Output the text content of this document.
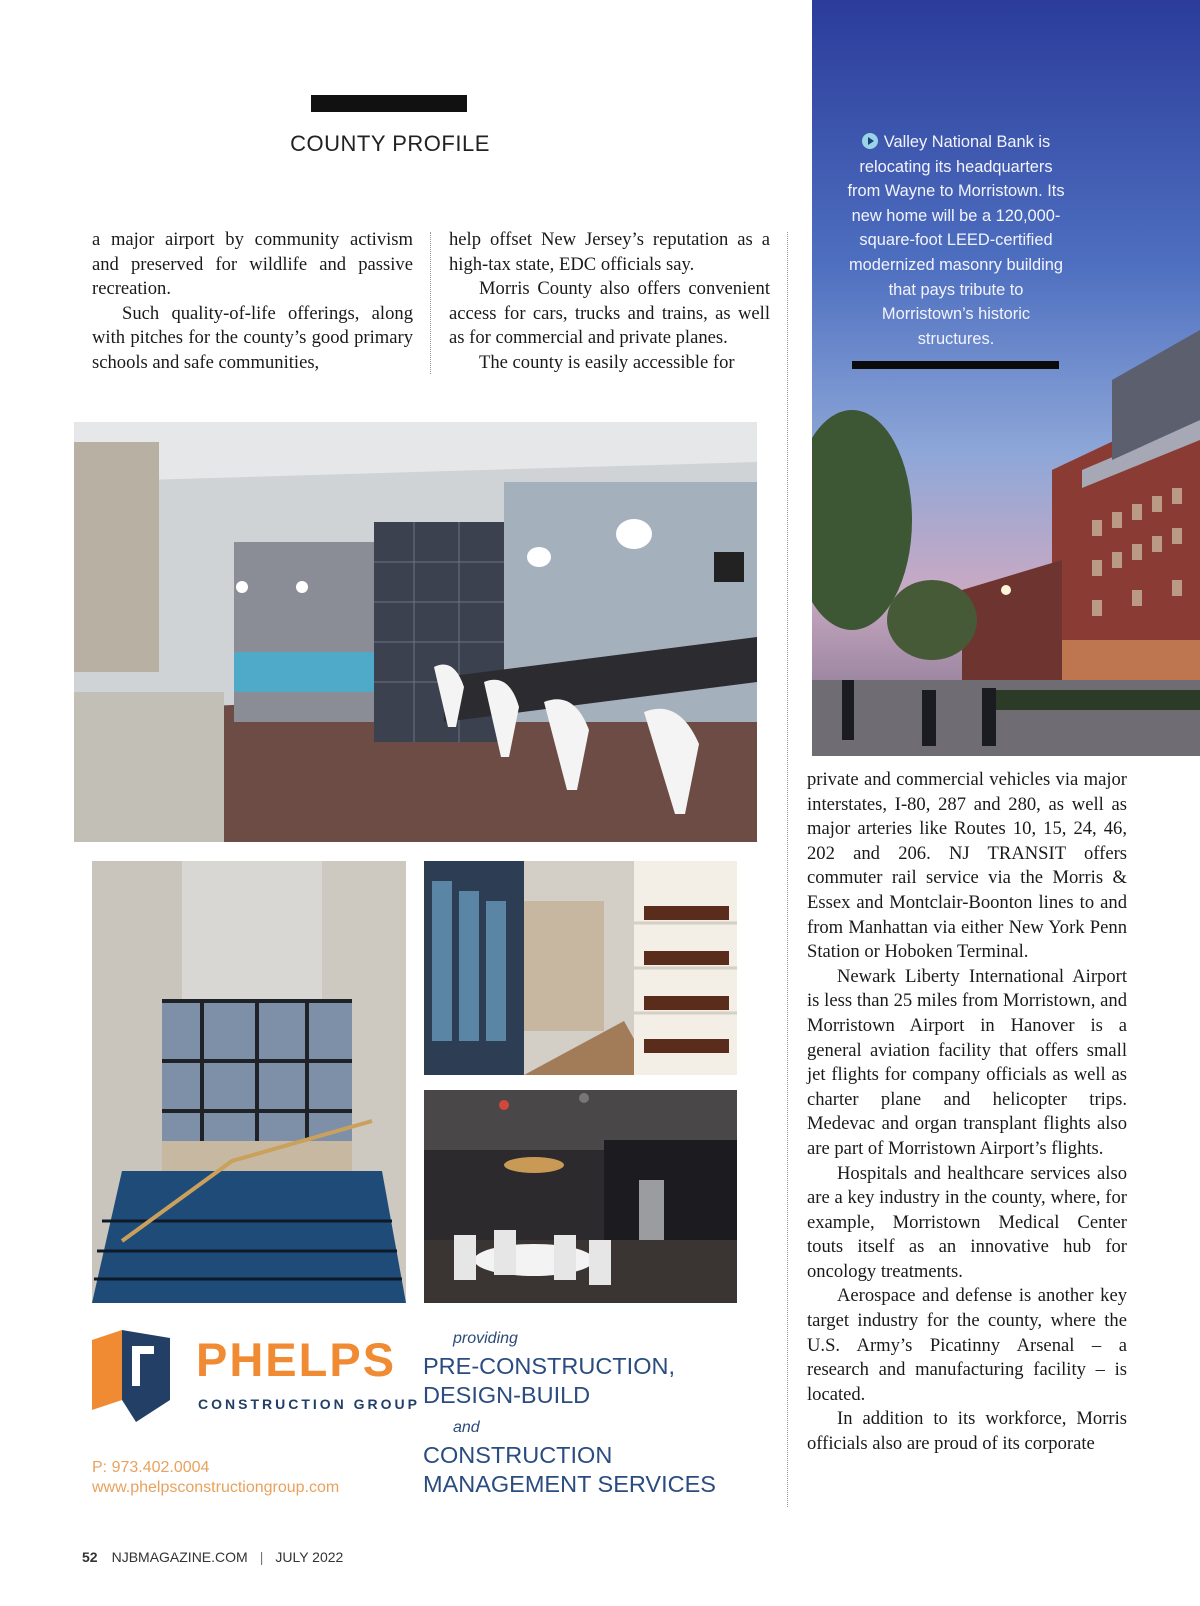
COUNTY PROFILE

a major airport by community activism and preserved for wildlife and passive recreation.

Such quality-of-life offerings, along with pitches for the county’s good primary schools and safe communities,

help offset New Jersey’s reputation as a high-tax state, EDC officials say.

Morris County also offers convenient access for cars, trucks and trains, as well as for commercial and private planes.

The county is easily accessible for

private and commercial vehicles via major interstates, I-80, 287 and 280, as well as major arteries like Routes 10, 15, 24, 46, 202 and 206. NJ TRANSIT offers commuter rail service via the Morris & Essex and Montclair-Boonton lines to and from Manhattan via either New York Penn Station or Hoboken Terminal.

Newark Liberty International Airport is less than 25 miles from Morristown, and Morristown Airport in Hanover is a general aviation facility that offers small jet flights for company officials as well as charter plane and helicopter trips. Medevac and organ transplant flights also are part of Morristown Airport’s flights.

Hospitals and healthcare services also are a key industry in the county, where, for example, Morristown Medical Center touts itself as an innovative hub for oncology treatments.

Aerospace and defense is another key target industry for the county, where the U.S. Army’s Picatinny Arsenal – a research and manufacturing facility – is located.

In addition to its workforce, Morris officials also are proud of its corporate

Valley National Bank is relocating its headquarters from Wayne to Morristown. Its new home will be a 120,000-square-foot LEED-certified modernized masonry building that pays tribute to Morristown’s historic structures.
PHELPS
CONSTRUCTION GROUP
P: 973.402.0004
www.phelpsconstructiongroup.com
providing
PRE-CONSTRUCTION,
DESIGN-BUILD
and
CONSTRUCTION
MANAGEMENT SERVICES
52 NJBMAGAZINE.COM | JULY 2022
